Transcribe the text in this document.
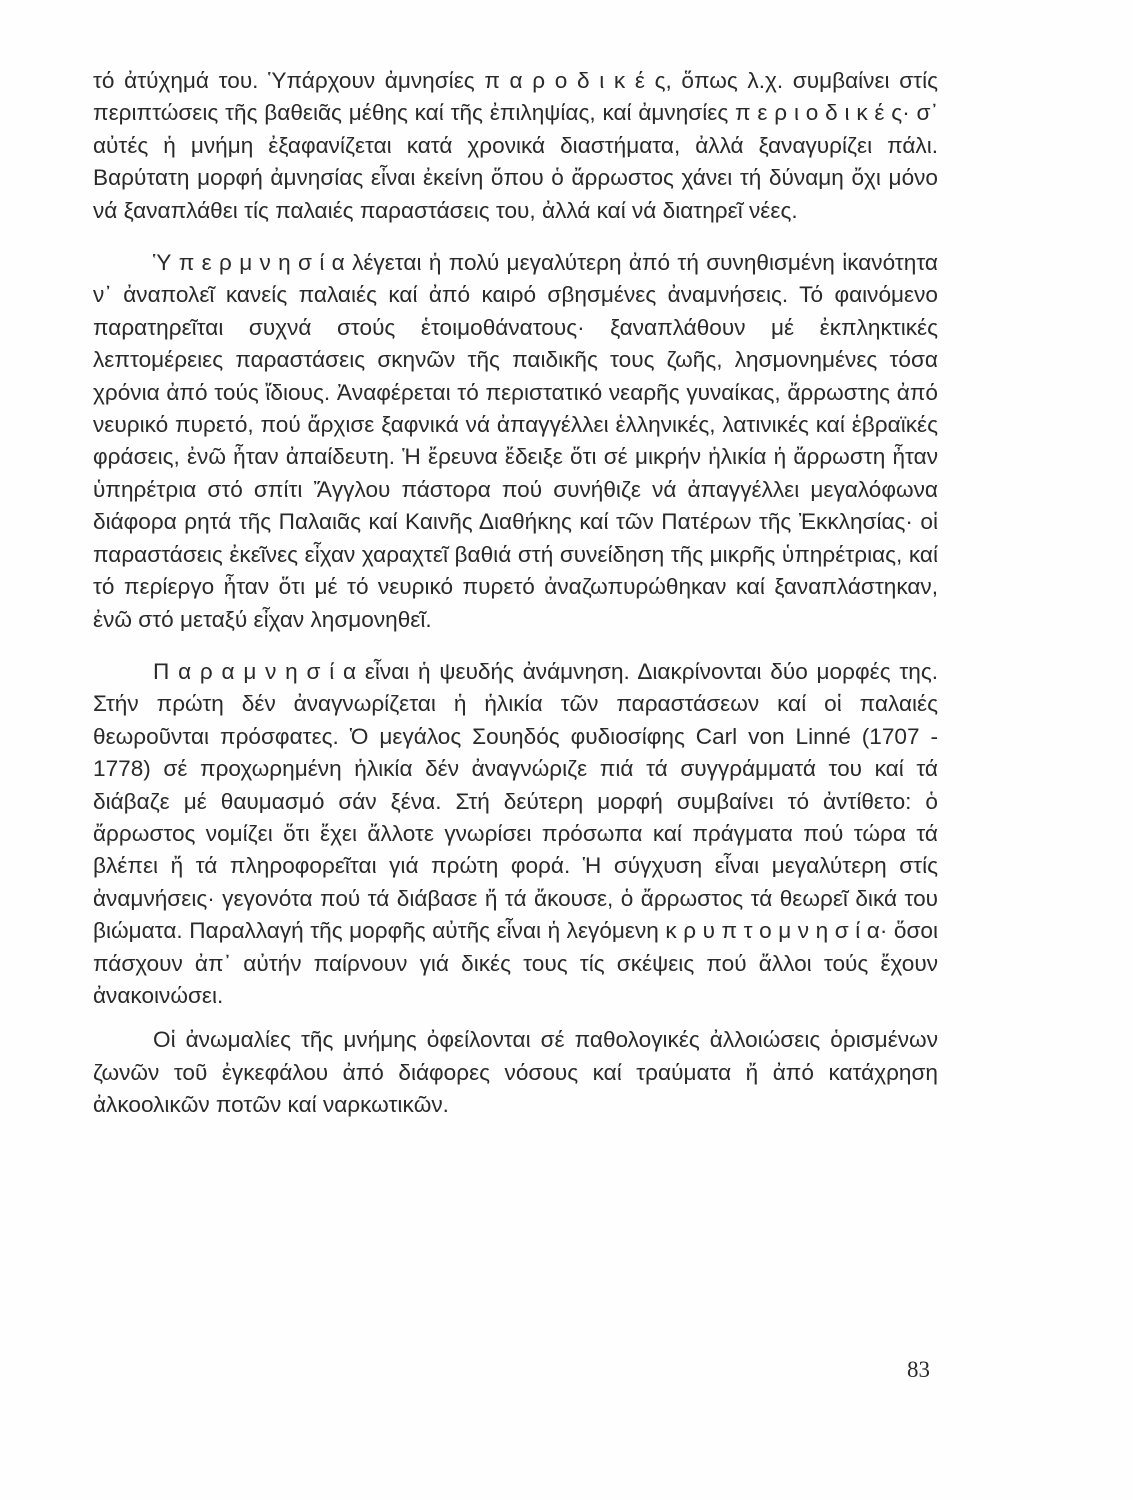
τό ἀτύχημά του. Ὑπάρχουν ἀμνησίες π α ρ ο δ ι κ έ ς, ὅπως λ.χ. συμβαίνει στίς περιπτώσεις τῆς βαθειᾶς μέθης καί τῆς ἐπιληψίας, καί ἀμνησίες π ε ρ ι ο δ ι κ έ ς· σ᾿ αὐτές ἡ μνήμη ἐξαφανίζεται κατά χρονικά διαστήματα, ἀλλά ξαναγυρίζει πάλι. Βαρύτατη μορφή ἀμνησίας εἶναι ἐκείνη ὅπου ὁ ἄρρωστος χάνει τή δύναμη ὄχι μόνο νά ξαναπλάθει τίς παλαιές παραστάσεις του, ἀλλά καί νά διατηρεῖ νέες.

Ὑ π ε ρ μ ν η σ ί α λέγεται ἡ πολύ μεγαλύτερη ἀπό τή συνηθισμένη ἱκανότητα ν᾿ ἀναπολεῖ κανείς παλαιές καί ἀπό καιρό σβησμένες ἀναμνήσεις. Τό φαινόμενο παρατηρεῖται συχνά στούς ἑτοιμοθάνατους· ξαναπλάθουν μέ ἐκπληκτικές λεπτομέρειες παραστάσεις σκηνῶν τῆς παιδικῆς τους ζωῆς, λησμονημένες τόσα χρόνια ἀπό τούς ἴδιους. Ἀναφέρεται τό περιστατικό νεαρῆς γυναίκας, ἄρρωστης ἀπό νευρικό πυρετό, πού ἄρχισε ξαφνικά νά ἀπαγγέλλει ἑλληνικές, λατινικές καί ἑβραϊκές φράσεις, ἐνῶ ἦταν ἀπαίδευτη. Ἡ ἔρευνα ἔδειξε ὅτι σέ μικρήν ἡλικία ἡ ἄρρωστη ἦταν ὑπηρέτρια στό σπίτι Ἄγγλου πάστορα πού συνήθιζε νά ἀπαγγέλλει μεγαλόφωνα διάφορα ρητά τῆς Παλαιᾶς καί Καινῆς Διαθήκης καί τῶν Πατέρων τῆς Ἐκκλησίας· οἱ παραστάσεις ἐκεῖνες εἶχαν χαραχτεῖ βαθιά στή συνείδηση τῆς μικρῆς ὑπηρέτριας, καί τό περίεργο ἦταν ὅτι μέ τό νευρικό πυρετό ἀναζωπυρώθηκαν καί ξαναπλάστηκαν, ἐνῶ στό μεταξύ εἶχαν λησμονηθεῖ.

Π α ρ α μ ν η σ ί α εἶναι ἡ ψευδής ἀνάμνηση. Διακρίνονται δύο μορφές της. Στήν πρώτη δέν ἀναγνωρίζεται ἡ ἡλικία τῶν παραστάσεων καί οἱ παλαιές θεωροῦνται πρόσφατες. Ὁ μεγάλος Σουηδός φυδιοσίφης Carl von Linné (1707 - 1778) σέ προχωρημένη ἡλικία δέν ἀναγνώριζε πιά τά συγγράμματά του καί τά διάβαζε μέ θαυμασμό σάν ξένα. Στή δεύτερη μορφή συμβαίνει τό ἀντίθετο: ὁ ἄρρωστος νομίζει ὅτι ἔχει ἄλλοτε γνωρίσει πρόσωπα καί πράγματα πού τώρα τά βλέπει ἤ τά πληροφορεῖται γιά πρώτη φορά. Ἡ σύγχυση εἶναι μεγαλύτερη στίς ἀναμνήσεις· γεγονότα πού τά διάβασε ἤ τά ἄκουσε, ὁ ἄρρωστος τά θεωρεῖ δικά του βιώματα. Παραλλαγή τῆς μορφῆς αὐτῆς εἶναι ἡ λεγόμενη κ ρ υ π τ ο μ ν η σ ί α· ὅσοι πάσχουν ἀπ᾿ αὐτήν παίρνουν γιά δικές τους τίς σκέψεις πού ἄλλοι τούς ἔχουν ἀνακοινώσει.

Οἱ ἀνωμαλίες τῆς μνήμης ὀφείλονται σέ παθολογικές ἀλλοιώσεις ὁρισμένων ζωνῶν τοῦ ἐγκεφάλου ἀπό διάφορες νόσους καί τραύματα ἤ ἀπό κατάχρηση ἀλκοολικῶν ποτῶν καί ναρκωτικῶν.

83
